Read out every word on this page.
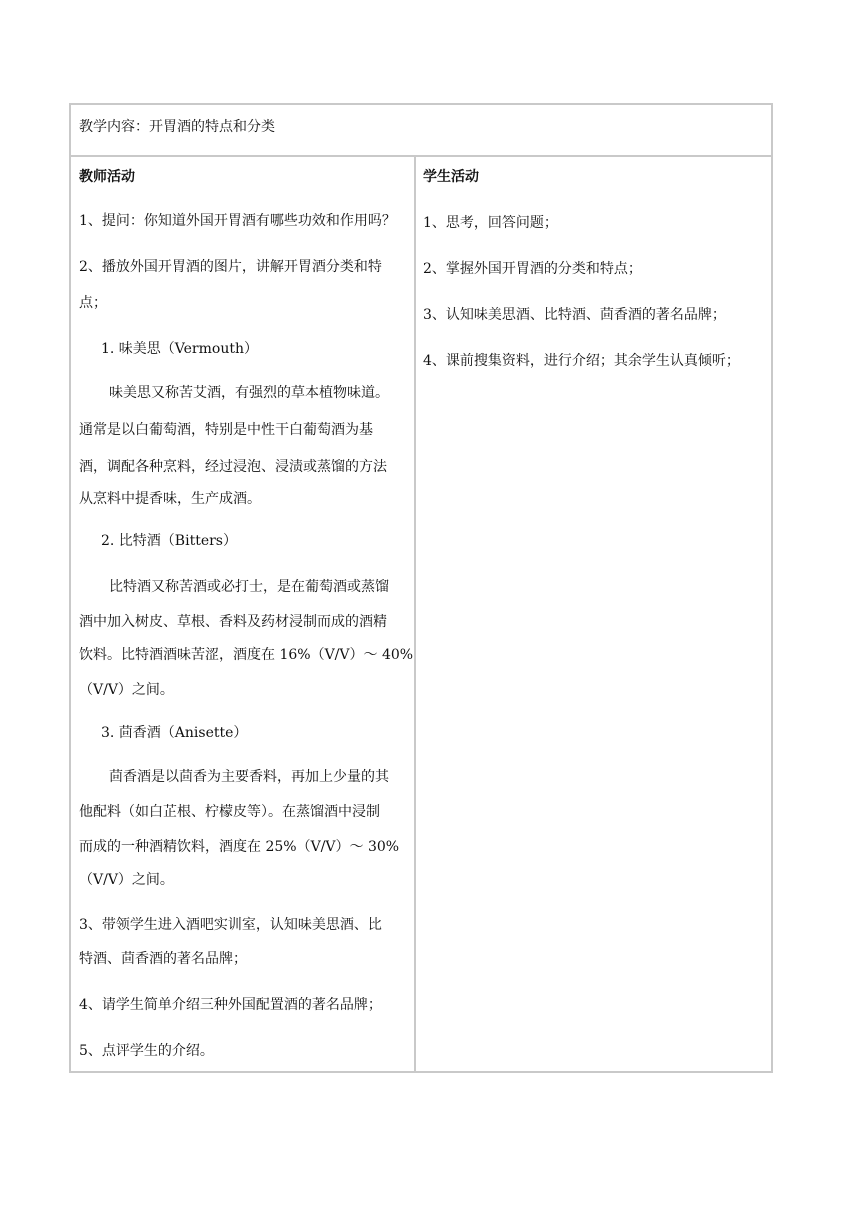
教学内容：开胃酒的特点和分类
教师活动
1、提问：你知道外国开胃酒有哪些功效和作用吗？
2、播放外国开胃酒的图片，讲解开胃酒分类和特
点；
1. 味美思（Vermouth）
味美思又称苦艾酒，有强烈的草本植物味道。
通常是以白葡萄酒，特别是中性干白葡萄酒为基
酒，调配各种烹料，经过浸泡、浸渍或蒸馏的方法
从烹料中提香味，生产成酒。
2. 比特酒（Bitters）
比特酒又称苦酒或必打士，是在葡萄酒或蒸馏
酒中加入树皮、草根、香料及药材浸制而成的酒精
饮料。比特酒酒味苦涩，酒度在 16%（V/V）～ 40%
（V/V）之间。
3. 茴香酒（Anisette）
茴香酒是以茴香为主要香料，再加上少量的其
他配料（如白芷根、柠檬皮等）。在蒸馏酒中浸制
而成的一种酒精饮料，酒度在 25%（V/V）～ 30%
（V/V）之间。
3、带领学生进入酒吧实训室，认知味美思酒、比
特酒、茴香酒的著名品牌；
4、请学生简单介绍三种外国配置酒的著名品牌；
5、点评学生的介绍。
学生活动
1、思考，回答问题；
2、掌握外国开胃酒的分类和特点；
3、认知味美思酒、比特酒、茴香酒的著名品牌；
4、课前搜集资料，进行介绍；其余学生认真倾听；
